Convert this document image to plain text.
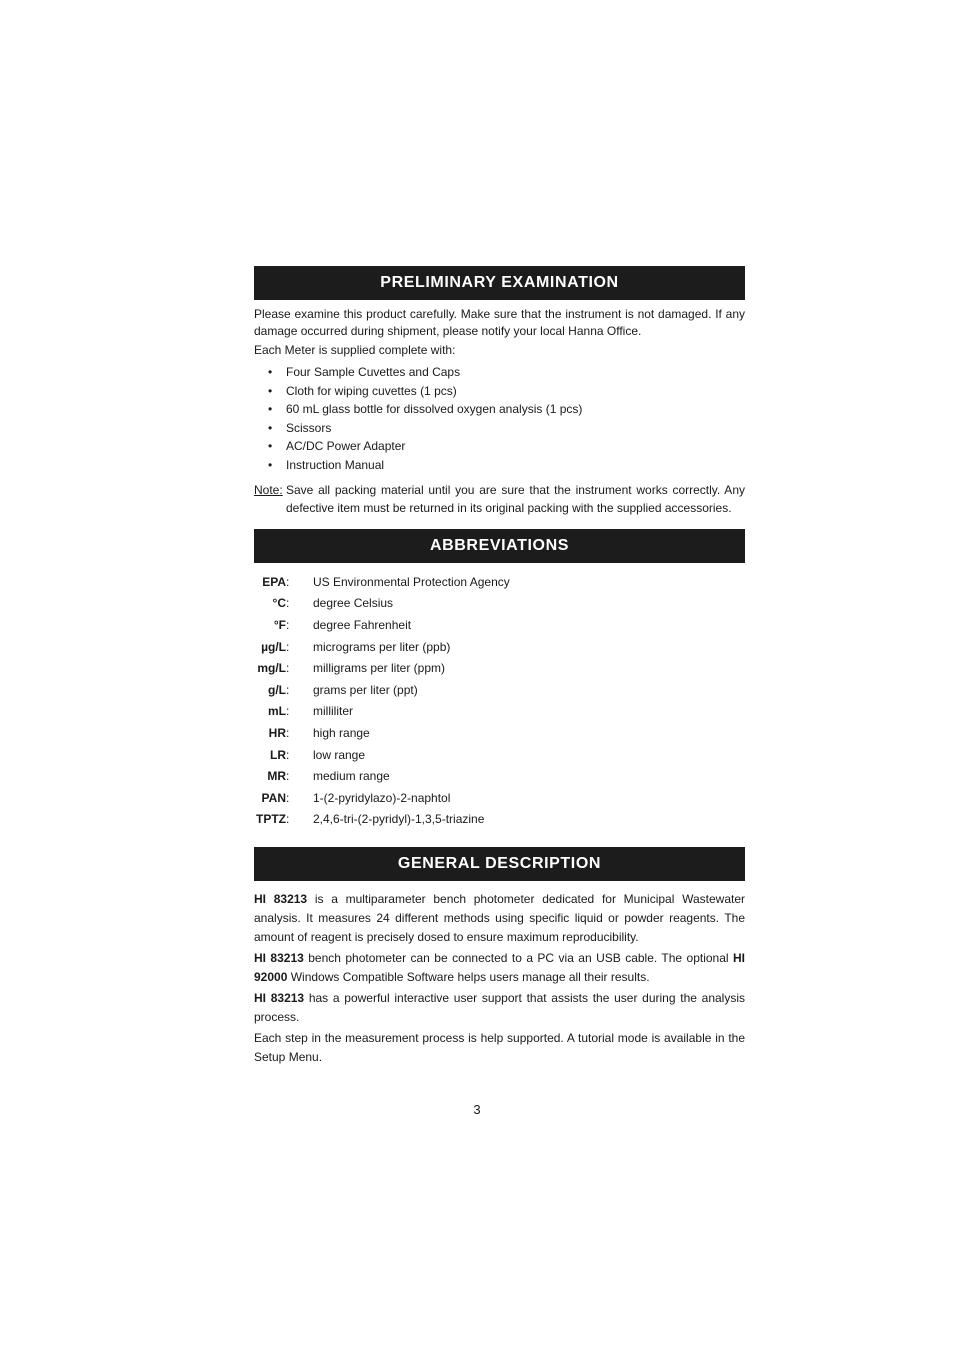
PRELIMINARY EXAMINATION

Please examine this product carefully. Make sure that the instrument is not damaged. If any damage occurred during shipment, please notify your local Hanna Office.

Each Meter is supplied complete with:

• Four Sample Cuvettes and Caps
• Cloth for wiping cuvettes (1 pcs)
• 60 mL glass bottle for dissolved oxygen analysis (1 pcs)
• Scissors
• AC/DC Power Adapter
• Instruction Manual
Note: Save all packing material until you are sure that the instrument works correctly. Any defective item must be returned in its original packing with the supplied accessories.
ABBREVIATIONS
EPA : US Environmental Protection Agency
°C : degree Celsius
°F : degree Fahrenheit
µg/L : micrograms per liter (ppb)
mg/L : milligrams per liter (ppm)
g/L : grams per liter (ppt)
mL : milliliter
HR : high range
LR : low range
MR : medium range
PAN : 1-(2-pyridylazo)-2-naphtol
TPTZ : 2,4,6-tri-(2-pyridyl)-1,3,5-triazine
GENERAL DESCRIPTION

HI 83213 is a multiparameter bench photometer dedicated for Municipal Wastewater analysis. It measures 24 different methods using specific liquid or powder reagents. The amount of reagent is precisely dosed to ensure maximum reproducibility.

HI 83213 bench photometer can be connected to a PC via an USB cable. The optional HI 92000 Windows Compatible Software helps users manage all their results.

HI 83213 has a powerful interactive user support that assists the user during the analysis process.

Each step in the measurement process is help supported. A tutorial mode is available in the Setup Menu.

3
